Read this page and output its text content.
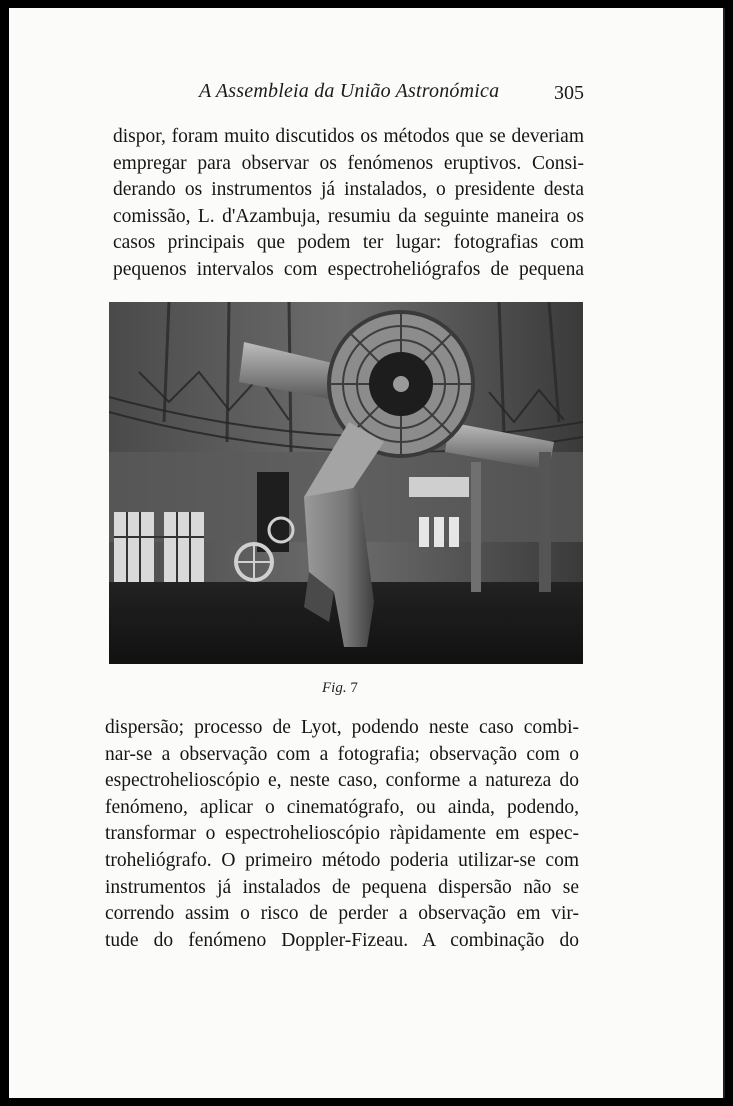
A Assembleia da União Astronómica	305
dispor, foram muito discutidos os métodos que se deveriam
empregar para observar os fenómenos eruptivos. Consi-
derando os instrumentos já instalados, o presidente desta
comissão, L. d'Azambuja, resumiu da seguinte maneira os
casos principais que podem ter lugar: fotografias com
pequenos intervalos com espectroheliógrafos de pequena
Fig. 7
dispersão; processo de Lyot, podendo neste caso combi-
nar-se a observação com a fotografia; observação com o
espectrohelioscópio e, neste caso, conforme a natureza do
fenómeno, aplicar o cinematógrafo, ou ainda, podendo,
transformar o espectrohelioscópio ràpidamente em espec-
troheliógrafo. O primeiro método poderia utilizar-se com
instrumentos já instalados de pequena dispersão não se
correndo assim o risco de perder a observação em vir-
tude do fenómeno Doppler-Fizeau. A combinação do
